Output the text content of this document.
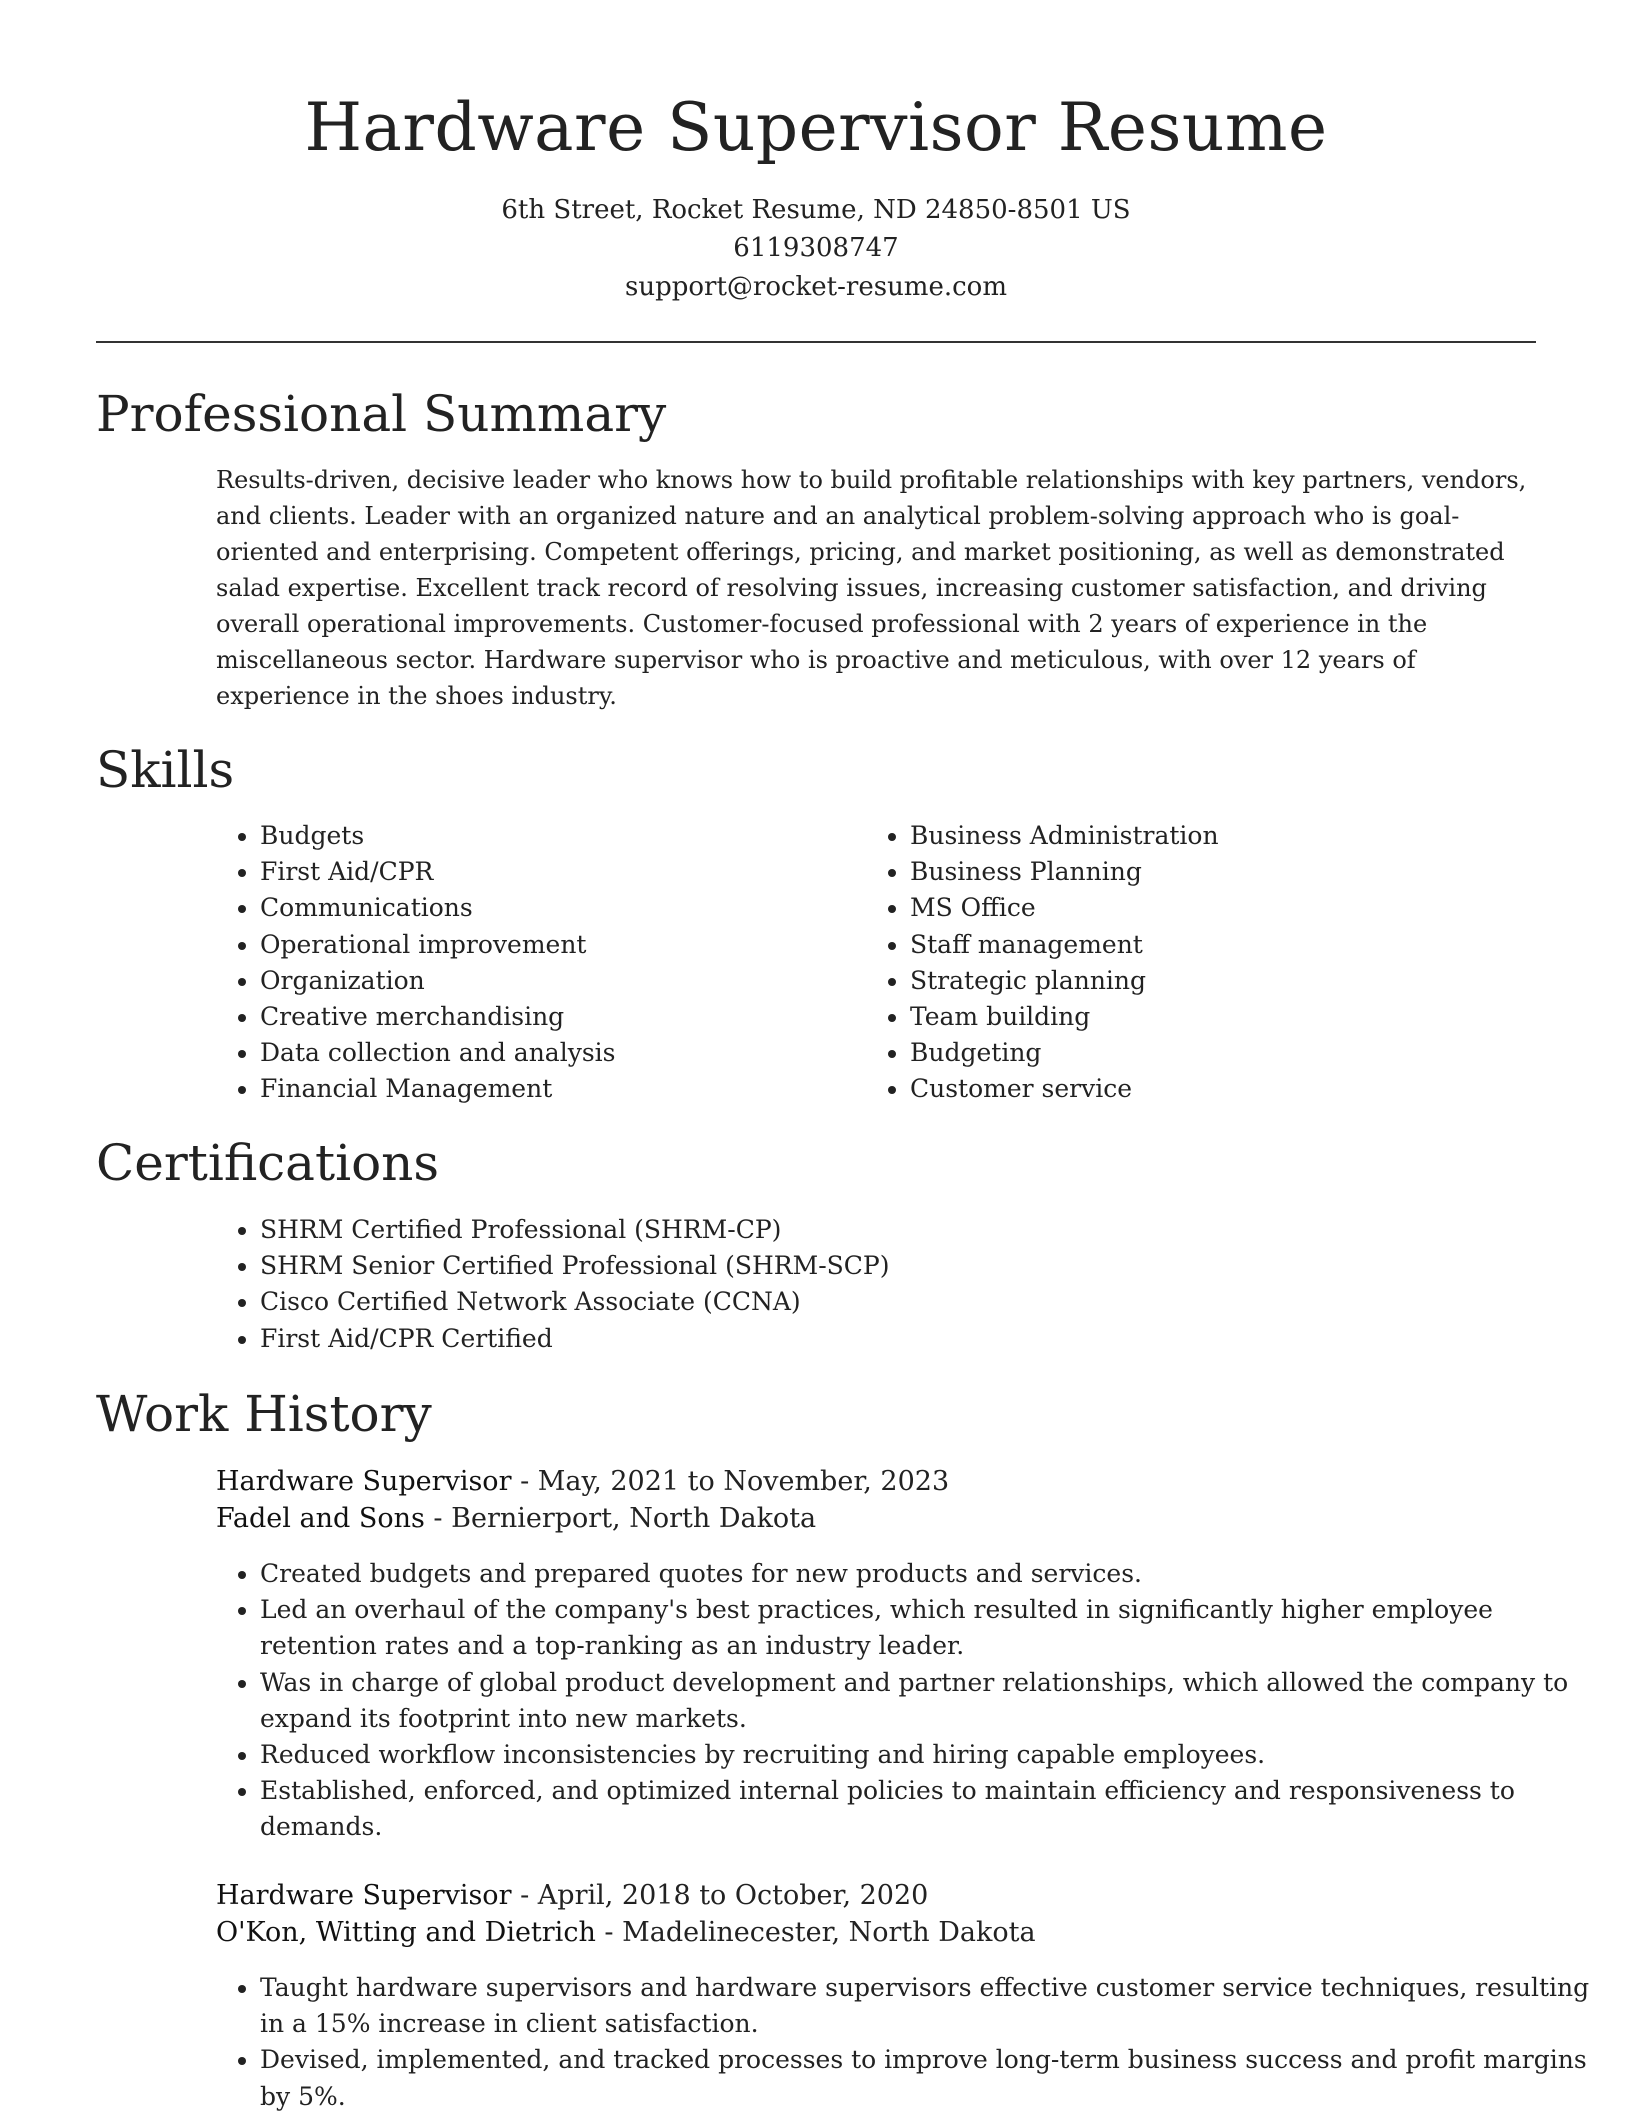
Hardware Supervisor Resume

6th Street, Rocket Resume, ND 24850-8501 US

6119308747

support@rocket-resume.com

Professional Summary

Results-driven, decisive leader who knows how to build profitable relationships with key partners, vendors, and clients. Leader with an organized nature and an analytical problem-solving approach who is goal-oriented and enterprising. Competent offerings, pricing, and market positioning, as well as demonstrated salad expertise. Excellent track record of resolving issues, increasing customer satisfaction, and driving overall operational improvements. Customer-focused professional with 2 years of experience in the miscellaneous sector. Hardware supervisor who is proactive and meticulous, with over 12 years of experience in the shoes industry.

Skills
• Budgets
• First Aid/CPR
• Communications
• Operational improvement
• Organization
• Creative merchandising
• Data collection and analysis
• Financial Management
• Business Administration
• Business Planning
• MS Office
• Staff management
• Strategic planning
• Team building
• Budgeting
• Customer service
Certifications
• SHRM Certified Professional (SHRM-CP)
• SHRM Senior Certified Professional (SHRM-SCP)
• Cisco Certified Network Associate (CCNA)
• First Aid/CPR Certified
Work History

Hardware Supervisor - May, 2021 to November, 2023

Fadel and Sons - Bernierport, North Dakota

• Created budgets and prepared quotes for new products and services.
• Led an overhaul of the company's best practices, which resulted in significantly higher employee retention rates and a top-ranking as an industry leader.
• Was in charge of global product development and partner relationships, which allowed the company to expand its footprint into new markets.
• Reduced workflow inconsistencies by recruiting and hiring capable employees.
• Established, enforced, and optimized internal policies to maintain efficiency and responsiveness to demands.

Hardware Supervisor - April, 2018 to October, 2020

O'Kon, Witting and Dietrich - Madelinecester, North Dakota

• Taught hardware supervisors and hardware supervisors effective customer service techniques, resulting in a 15% increase in client satisfaction.
• Devised, implemented, and tracked processes to improve long-term business success and profit margins by 5%.
